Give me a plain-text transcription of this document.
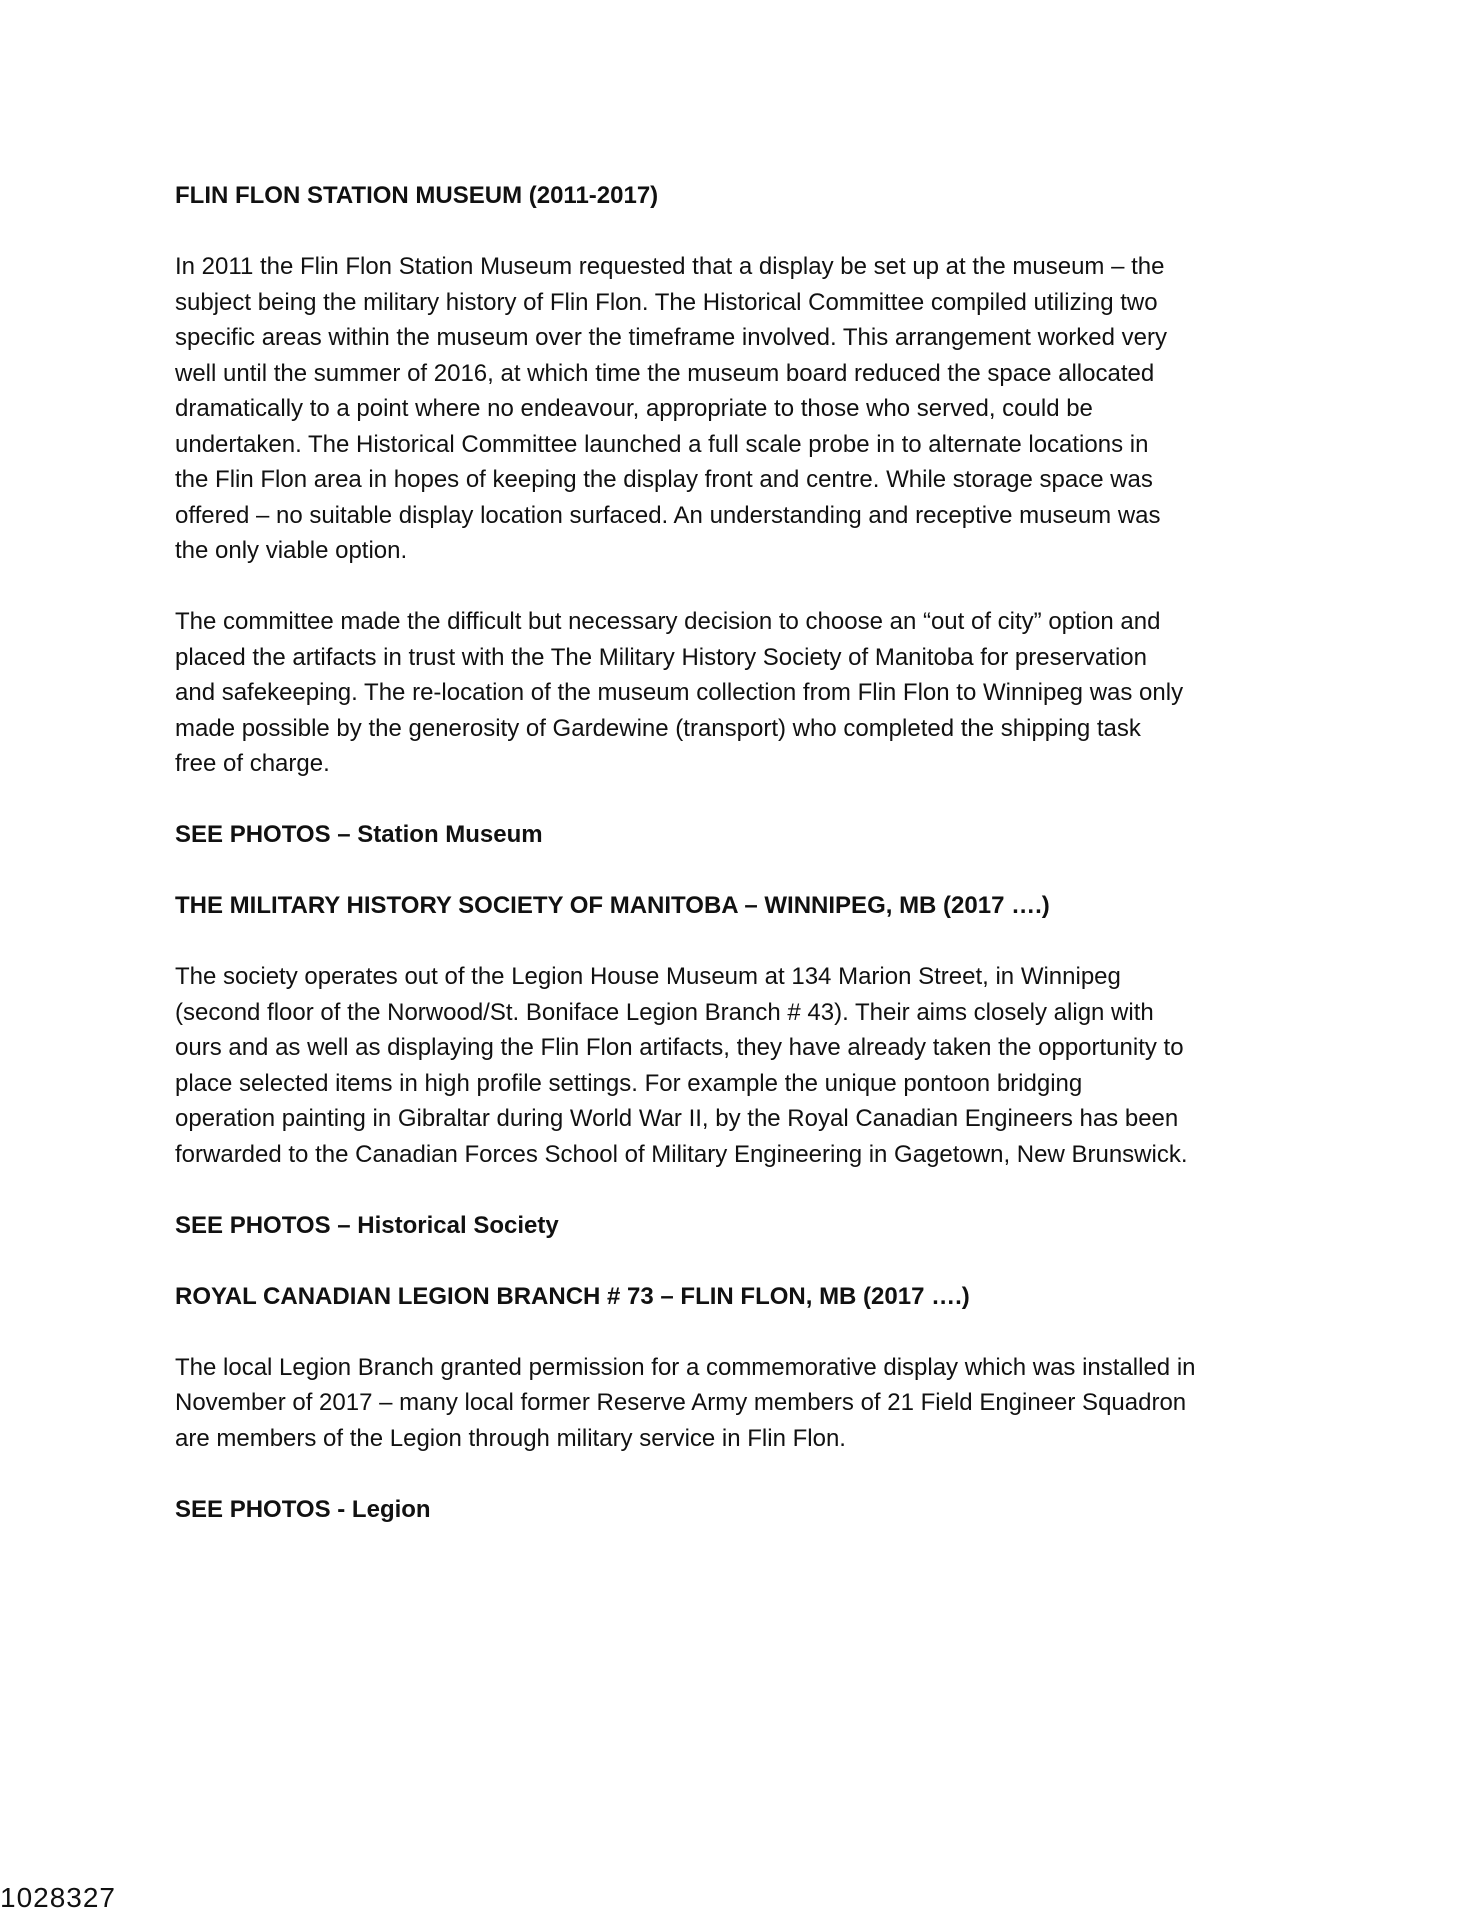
FLIN FLON STATION MUSEUM (2011-2017)

In 2011 the Flin Flon Station Museum requested that a display be set up at the museum – the
subject being the military history of Flin Flon. The Historical Committee compiled utilizing two
specific areas within the museum over the timeframe involved. This arrangement worked very
well until the summer of 2016, at which time the museum board reduced the space allocated
dramatically to a point where no endeavour, appropriate to those who served, could be
undertaken. The Historical Committee launched a full scale probe in to alternate locations in
the Flin Flon area in hopes of keeping the display front and centre. While storage space was
offered – no suitable display location surfaced. An understanding and receptive museum was
the only viable option.

The committee made the difficult but necessary decision to choose an “out of city” option and
placed the artifacts in trust with the The Military History Society of Manitoba for preservation
and safekeeping. The re-location of the museum collection from Flin Flon to Winnipeg was only
made possible by the generosity of Gardewine (transport) who completed the shipping task
free of charge.

SEE PHOTOS – Station Museum
THE MILITARY HISTORY SOCIETY OF MANITOBA – WINNIPEG, MB (2017 ….)

The society operates out of the Legion House Museum at 134 Marion Street, in Winnipeg
(second floor of the Norwood/St. Boniface Legion Branch # 43). Their aims closely align with
ours and as well as displaying the Flin Flon artifacts, they have already taken the opportunity to
place selected items in high profile settings. For example the unique pontoon bridging
operation painting in Gibraltar during World War II, by the Royal Canadian Engineers has been
forwarded to the Canadian Forces School of Military Engineering in Gagetown, New Brunswick.

SEE PHOTOS – Historical Society
ROYAL CANADIAN LEGION BRANCH # 73 – FLIN FLON, MB (2017 ….)

The local Legion Branch granted permission for a commemorative display which was installed in
November of 2017 – many local former Reserve Army members of 21 Field Engineer Squadron
are members of the Legion through military service in Flin Flon.

SEE PHOTOS - Legion
1028327
